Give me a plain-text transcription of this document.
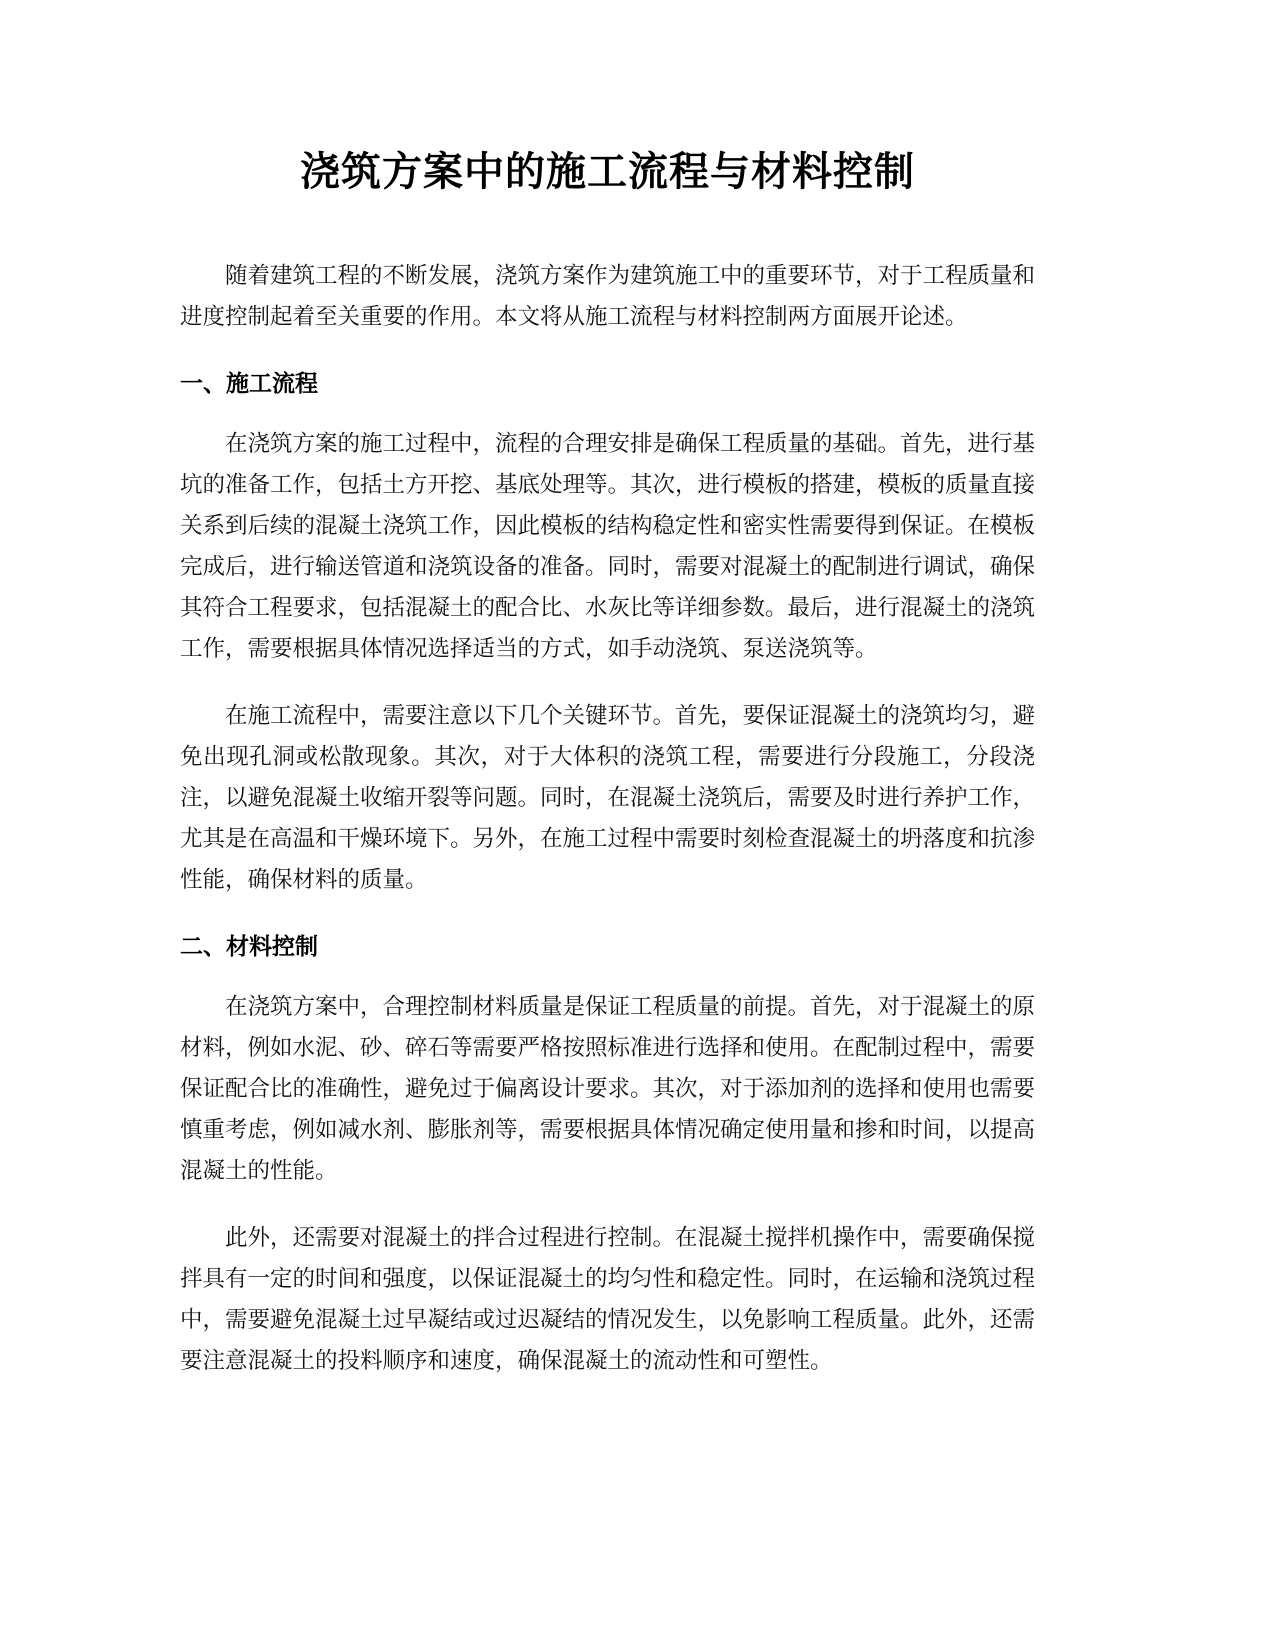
浇筑方案中的施工流程与材料控制

随着建筑工程的不断发展，浇筑方案作为建筑施工中的重要环节，对于工程质量和进度控制起着至关重要的作用。本文将从施工流程与材料控制两方面展开论述。

一、施工流程

在浇筑方案的施工过程中，流程的合理安排是确保工程质量的基础。首先，进行基坑的准备工作，包括土方开挖、基底处理等。其次，进行模板的搭建，模板的质量直接关系到后续的混凝土浇筑工作，因此模板的结构稳定性和密实性需要得到保证。在模板完成后，进行输送管道和浇筑设备的准备。同时，需要对混凝土的配制进行调试，确保其符合工程要求，包括混凝土的配合比、水灰比等详细参数。最后，进行混凝土的浇筑工作，需要根据具体情况选择适当的方式，如手动浇筑、泵送浇筑等。

在施工流程中，需要注意以下几个关键环节。首先，要保证混凝土的浇筑均匀，避免出现孔洞或松散现象。其次，对于大体积的浇筑工程，需要进行分段施工，分段浇注，以避免混凝土收缩开裂等问题。同时，在混凝土浇筑后，需要及时进行养护工作，尤其是在高温和干燥环境下。另外，在施工过程中需要时刻检查混凝土的坍落度和抗渗性能，确保材料的质量。

二、材料控制

在浇筑方案中，合理控制材料质量是保证工程质量的前提。首先，对于混凝土的原材料，例如水泥、砂、碎石等需要严格按照标准进行选择和使用。在配制过程中，需要保证配合比的准确性，避免过于偏离设计要求。其次，对于添加剂的选择和使用也需要慎重考虑，例如减水剂、膨胀剂等，需要根据具体情况确定使用量和掺和时间，以提高混凝土的性能。

此外，还需要对混凝土的拌合过程进行控制。在混凝土搅拌机操作中，需要确保搅拌具有一定的时间和强度，以保证混凝土的均匀性和稳定性。同时，在运输和浇筑过程中，需要避免混凝土过早凝结或过迟凝结的情况发生，以免影响工程质量。此外，还需要注意混凝土的投料顺序和速度，确保混凝土的流动性和可塑性。
